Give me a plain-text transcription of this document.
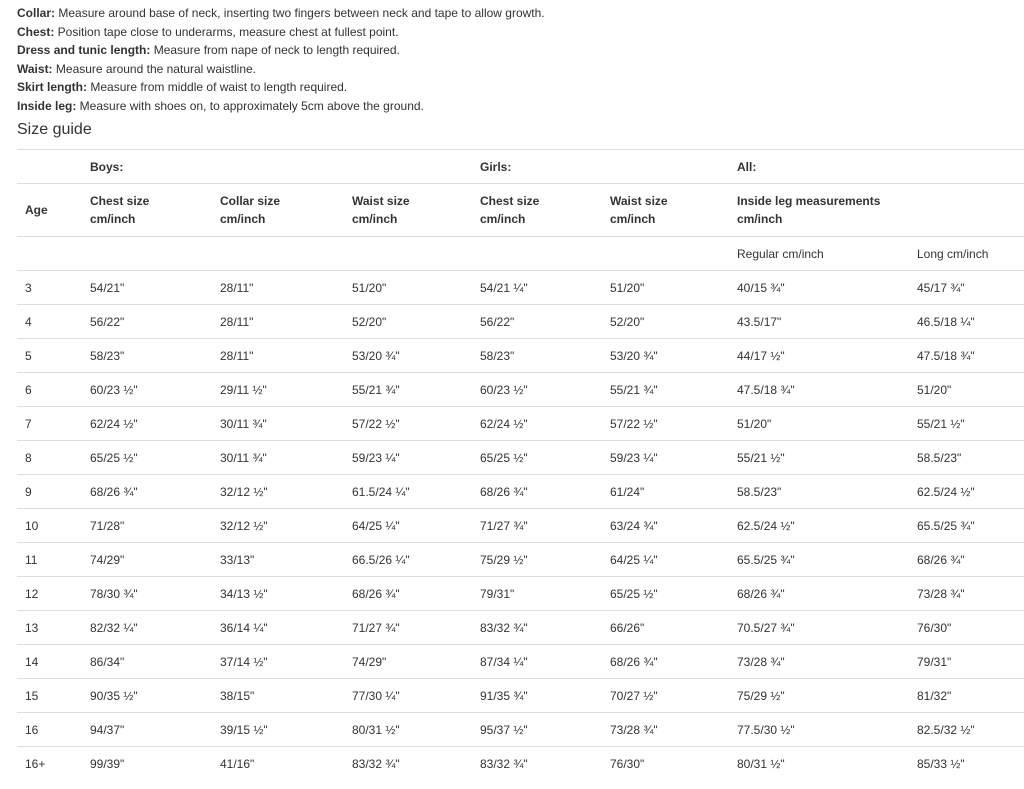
Collar: Measure around base of neck, inserting two fingers between neck and tape to allow growth.

Chest: Position tape close to underarms, measure chest at fullest point.

Dress and tunic length: Measure from nape of neck to length required.

Waist: Measure around the natural waistline.

Skirt length: Measure from middle of waist to length required.

Inside leg: Measure with shoes on, to approximately 5cm above the ground.

Size guide
	Boys:			Girls:		All:	
Age	Chest size cm/inch	Collar size cm/inch	Waist size cm/inch	Chest size cm/inch	Waist size cm/inch	Inside leg measurements cm/inch	
						Regular cm/inch	Long cm/inch
3	54/21"	28/11"	51/20"	54/21 ¼"	51/20"	40/15 ¾"	45/17 ¾"
4	56/22"	28/11"	52/20"	56/22"	52/20"	43.5/17"	46.5/18 ¼"
5	58/23"	28/11"	53/20 ¾"	58/23"	53/20 ¾"	44/17 ½"	47.5/18 ¾"
6	60/23 ½"	29/11 ½"	55/21 ¾"	60/23 ½"	55/21 ¾"	47.5/18 ¾"	51/20"
7	62/24 ½"	30/11 ¾"	57/22 ½"	62/24 ½"	57/22 ½"	51/20"	55/21 ½"
8	65/25 ½"	30/11 ¾"	59/23 ¼"	65/25 ½"	59/23 ¼"	55/21 ½"	58.5/23"
9	68/26 ¾"	32/12 ½"	61.5/24 ¼"	68/26 ¾"	61/24"	58.5/23"	62.5/24 ½"
10	71/28"	32/12 ½"	64/25 ¼"	71/27 ¾"	63/24 ¾"	62.5/24 ½"	65.5/25 ¾"
11	74/29"	33/13"	66.5/26 ¼"	75/29 ½"	64/25 ¼"	65.5/25 ¾"	68/26 ¾"
12	78/30 ¾"	34/13 ½"	68/26 ¾"	79/31"	65/25 ½"	68/26 ¾"	73/28 ¾"
13	82/32 ¼"	36/14 ¼"	71/27 ¾"	83/32 ¾"	66/26"	70.5/27 ¾"	76/30"
14	86/34"	37/14 ½"	74/29"	87/34 ¼"	68/26 ¾"	73/28 ¾"	79/31"
15	90/35 ½"	38/15"	77/30 ¼"	91/35 ¾"	70/27 ½"	75/29 ½"	81/32"
16	94/37"	39/15 ½"	80/31 ½"	95/37 ½"	73/28 ¾"	77.5/30 ½"	82.5/32 ½"
16+	99/39"	41/16"	83/32 ¾"	83/32 ¾"	76/30"	80/31 ½"	85/33 ½"
